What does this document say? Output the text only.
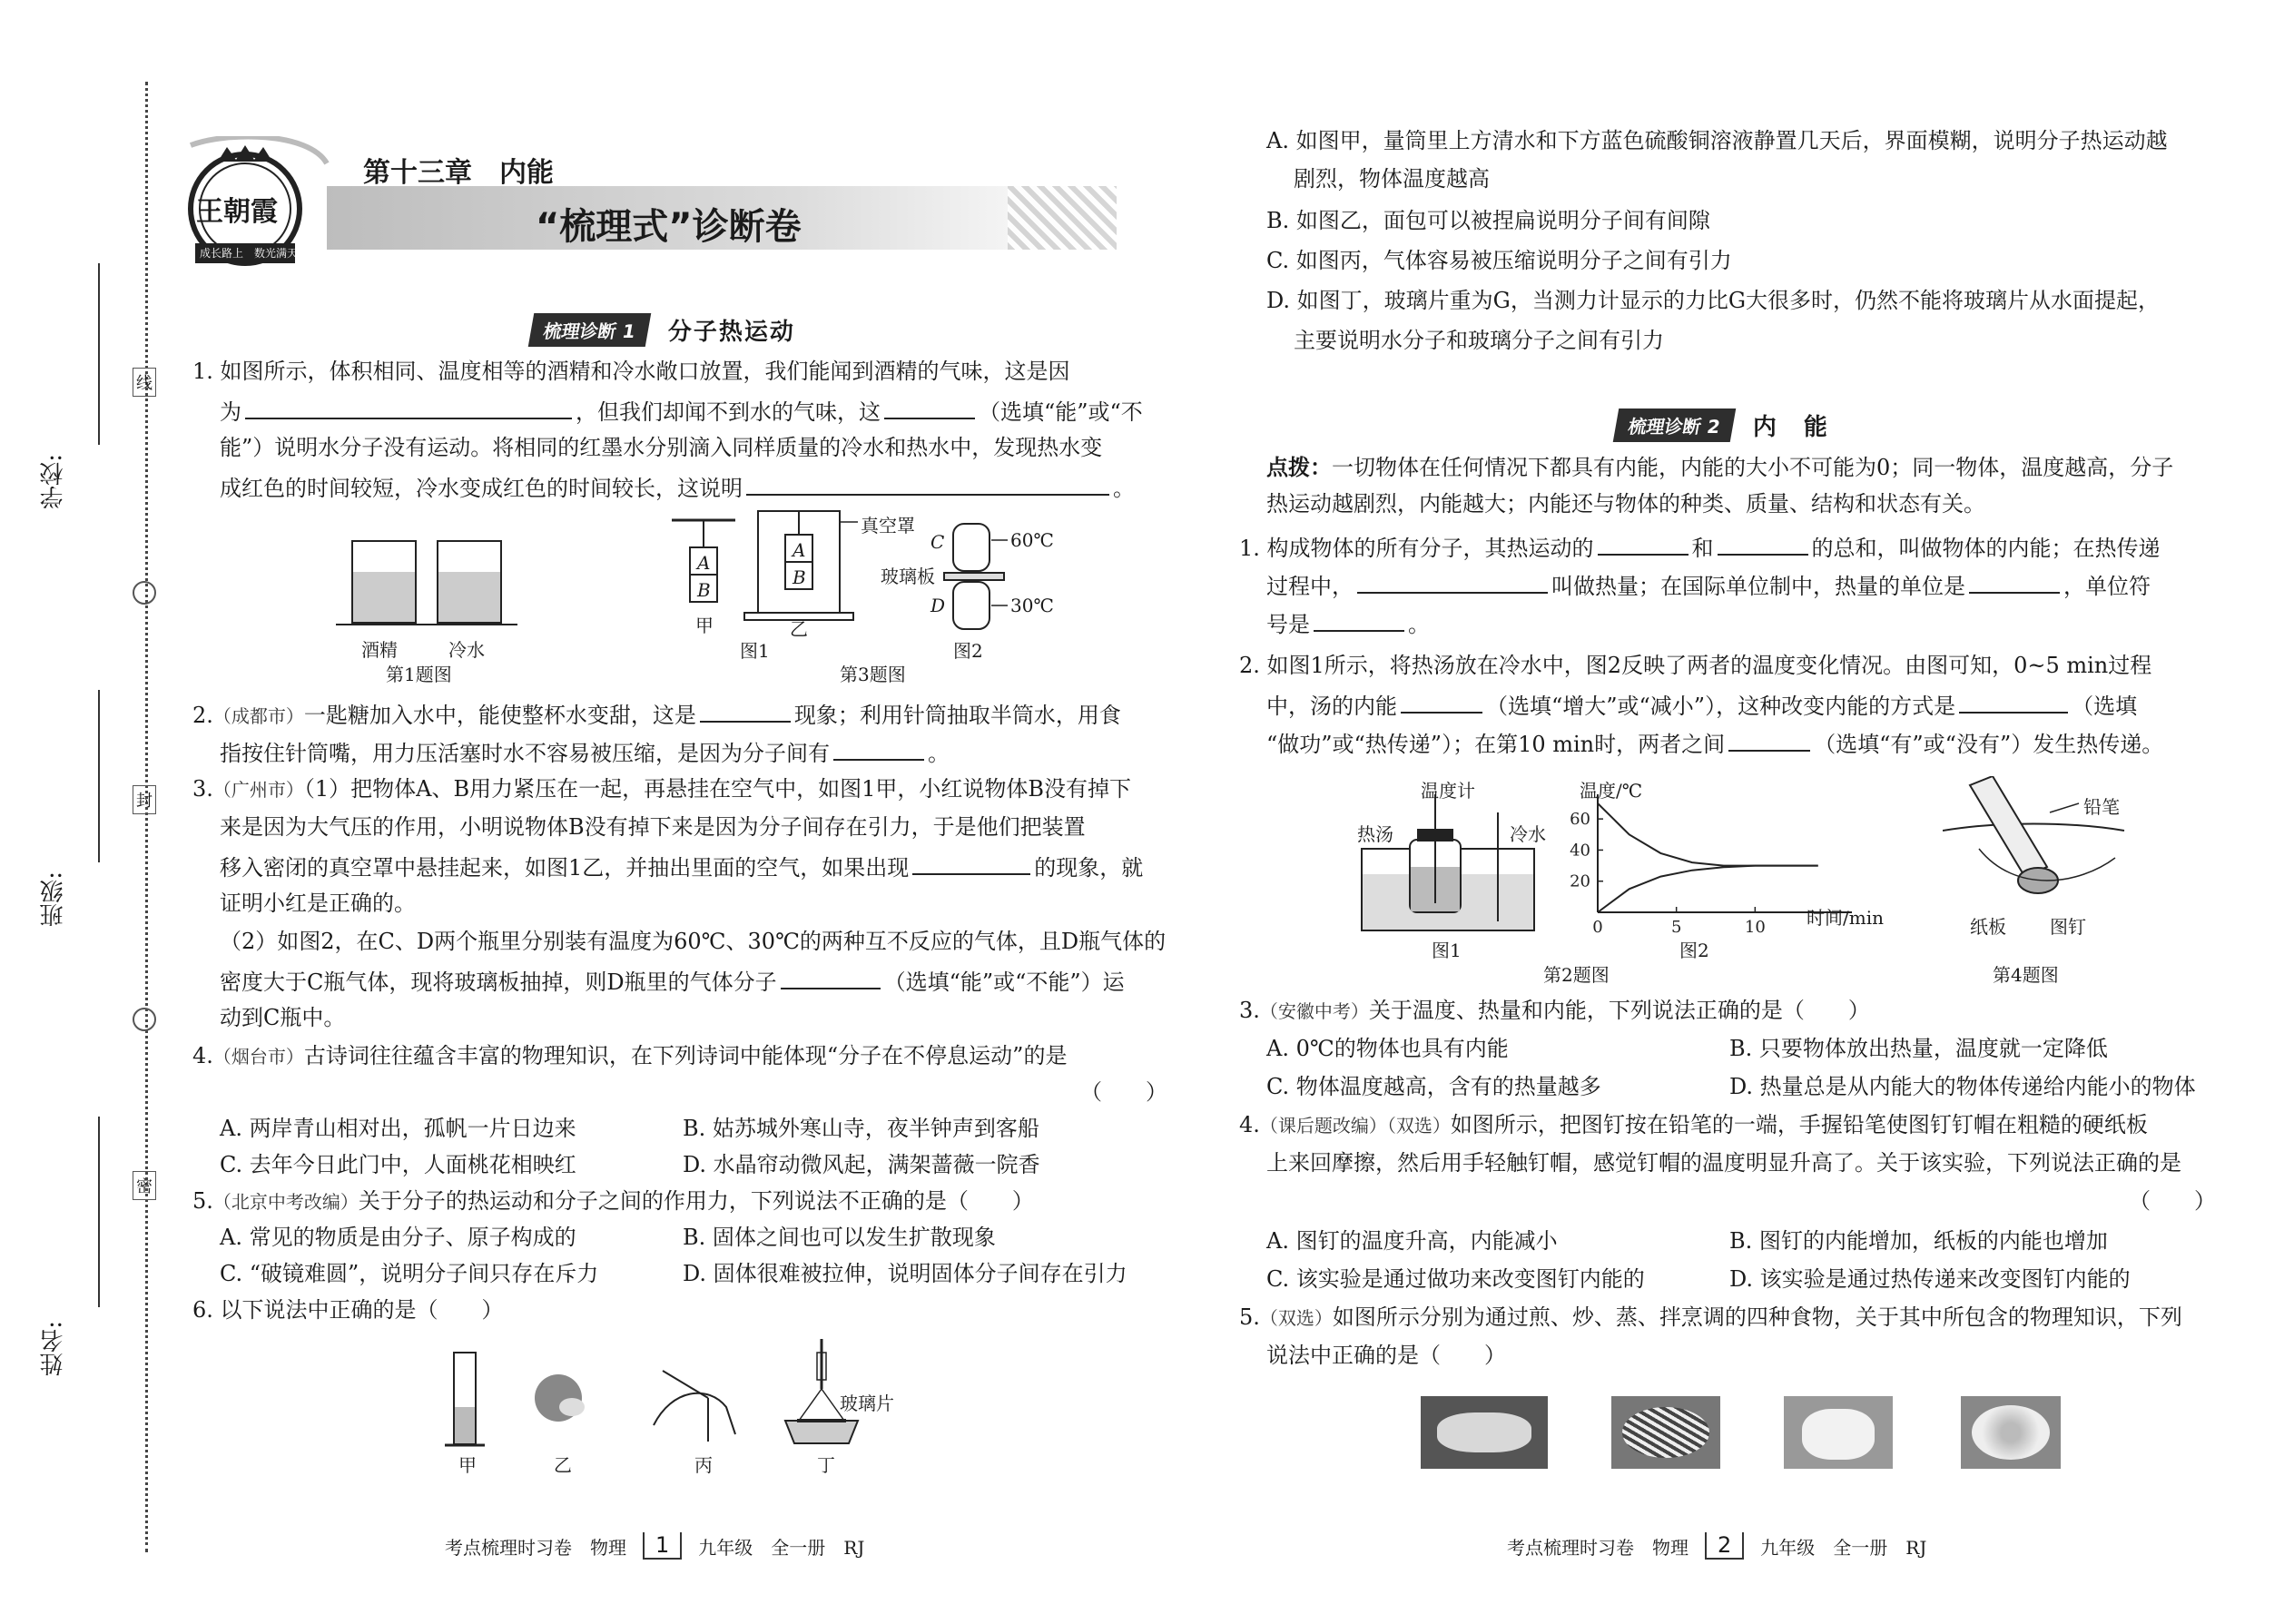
学校:
班级:
姓名:
线
封
密
王朝霞
成长路上　数光满天
第十三章　内能
“梳理式”诊断卷
梳理诊断 1	分子热运动
1. 如图所示，体积相同、温度相等的酒精和冷水敞口放置，我们能闻到酒精的气味，这是因
为	，但我们却闻不到水的气味，这	（选填“能”或“不
能”）说明水分子没有运动。将相同的红墨水分别滴入同样质量的冷水和热水中，发现热水变
成红色的时间较短，冷水变成红色的时间较长，这说明	。
酒精	冷水
第1题图
A
B
A
B
真空罩
C	60℃
玻璃板
D	30℃
甲	乙
图1	图2
第3题图
2.（成都市）一匙糖加入水中，能使整杯水变甜，这是	现象；利用针筒抽取半筒水，用食
指按住针筒嘴，用力压活塞时水不容易被压缩，是因为分子间有	。
3.（广州市）（1）把物体A、B用力紧压在一起，再悬挂在空气中，如图1甲，小红说物体B没有掉下
来是因为大气压的作用，小明说物体B没有掉下来是因为分子间存在引力，于是他们把装置
移入密闭的真空罩中悬挂起来，如图1乙，并抽出里面的空气，如果出现	的现象，就
证明小红是正确的。
（2）如图2，在C、D两个瓶里分别装有温度为60℃、30℃的两种互不反应的气体，且D瓶气体的
密度大于C瓶气体，现将玻璃板抽掉，则D瓶里的气体分子	（选填“能”或“不能”）运
动到C瓶中。
4.（烟台市）古诗词往往蕴含丰富的物理知识，在下列诗词中能体现“分子在不停息运动”的是
（　　）
A. 两岸青山相对出，孤帆一片日边来	B. 姑苏城外寒山寺，夜半钟声到客船
C. 去年今日此门中，人面桃花相映红	D. 水晶帘动微风起，满架蔷薇一院香
5.（北京中考改编）关于分子的热运动和分子之间的作用力，下列说法不正确的是（　　）
A. 常见的物质是由分子、原子构成的	B. 固体之间也可以发生扩散现象
C. “破镜难圆”，说明分子间只存在斥力	D. 固体很难被拉伸，说明固体分子间存在引力
6. 以下说法中正确的是（　　）
甲	乙	丙	丁
玻璃片
考点梳理时习卷　物理	1	九年级　全一册　RJ
A. 如图甲，量筒里上方清水和下方蓝色硫酸铜溶液静置几天后，界面模糊，说明分子热运动越
剧烈，物体温度越高
B. 如图乙，面包可以被捏扁说明分子间有间隙
C. 如图丙，气体容易被压缩说明分子之间有引力
D. 如图丁，玻璃片重为G，当测力计显示的力比G大很多时，仍然不能将玻璃片从水面提起，
主要说明水分子和玻璃分子之间有引力
梳理诊断 2	内　能
点拨：一切物体在任何情况下都具有内能，内能的大小不可能为0；同一物体，温度越高，分子
热运动越剧烈，内能越大；内能还与物体的种类、质量、结构和状态有关。
1. 构成物体的所有分子，其热运动的	和	的总和，叫做物体的内能；在热传递
过程中，	叫做热量；在国际单位制中，热量的单位是	，单位符
号是	。
2. 如图1所示，将热汤放在冷水中，图2反映了两者的温度变化情况。由图可知，0~5 min过程
中，汤的内能	（选填“增大”或“减小”），这种改变内能的方式是	（选填
“做功”或“热传递”）；在第10 min时，两者之间	（选填“有”或“没有”）发生热传递。
温度计
热汤	冷水
图1
20
40
60
0	5	10
温度/℃
时间/min
图2
第2题图
铅笔
纸板 图钉
第4题图
3.（安徽中考）关于温度、热量和内能，下列说法正确的是（　　）
A. 0℃的物体也具有内能	B. 只要物体放出热量，温度就一定降低
C. 物体温度越高，含有的热量越多	D. 热量总是从内能大的物体传递给内能小的物体
4.（课后题改编）（双选）如图所示，把图钉按在铅笔的一端，手握铅笔使图钉钉帽在粗糙的硬纸板
上来回摩擦，然后用手轻触钉帽，感觉钉帽的温度明显升高了。关于该实验，下列说法正确的是
（　　）
A. 图钉的温度升高，内能减小	B. 图钉的内能增加，纸板的内能也增加
C. 该实验是通过做功来改变图钉内能的	D. 该实验是通过热传递来改变图钉内能的
5.（双选）如图所示分别为通过煎、炒、蒸、拌烹调的四种食物，关于其中所包含的物理知识，下列
说法中正确的是（　　）
考点梳理时习卷　物理	2	九年级　全一册　RJ
